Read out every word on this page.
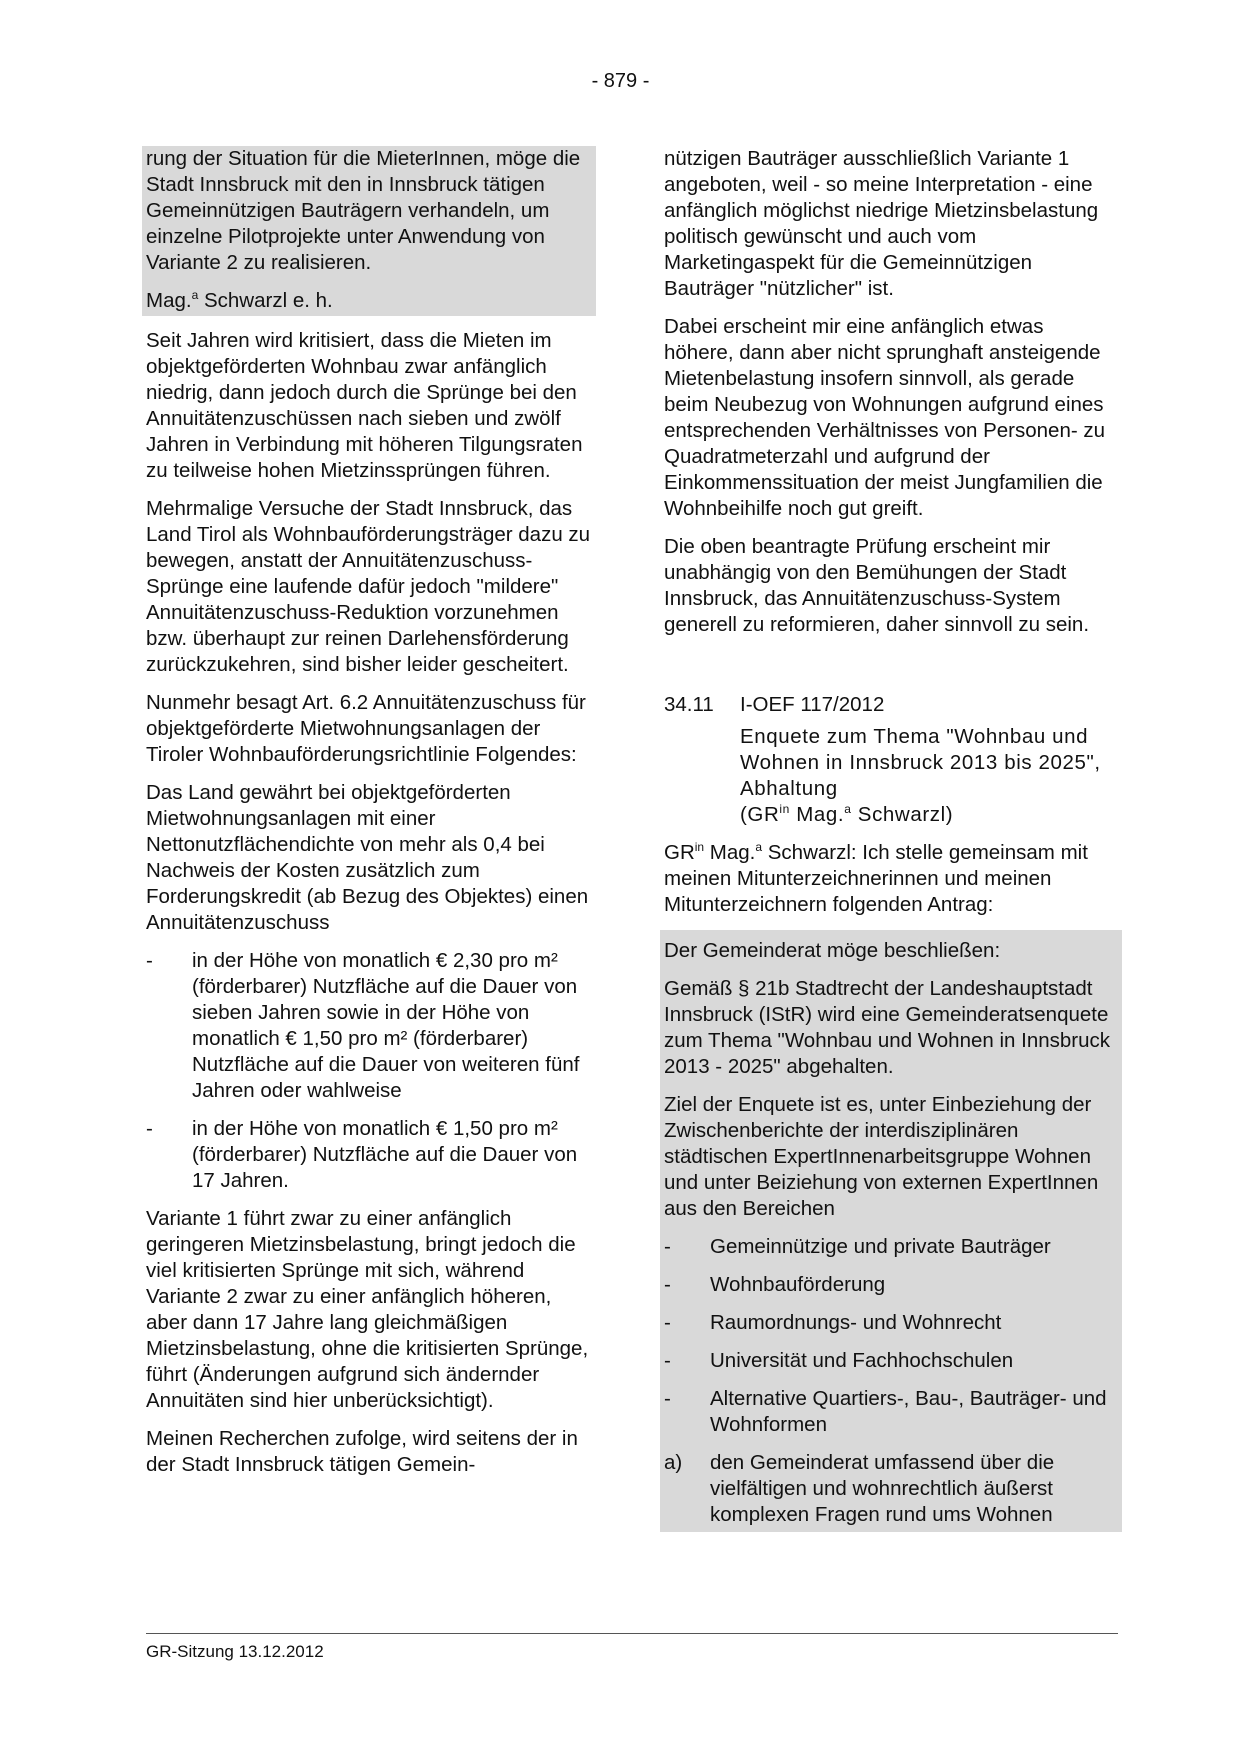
- 879 -

rung der Situation für die MieterInnen, möge die Stadt Innsbruck mit den in Innsbruck tätigen Gemeinnützigen Bauträgern verhandeln, um einzelne Pilotprojekte unter Anwendung von Variante 2 zu realisieren.

Mag.$^a$ Schwarzl e. h.

Seit Jahren wird kritisiert, dass die Mieten im objektgeförderten Wohnbau zwar anfänglich niedrig, dann jedoch durch die Sprünge bei den Annuitätenzuschüssen nach sieben und zwölf Jahren in Verbindung mit höheren Tilgungsraten zu teilweise hohen Mietzinssprüngen führen.

Mehrmalige Versuche der Stadt Innsbruck, das Land Tirol als Wohnbauförderungsträger dazu zu bewegen, anstatt der Annuitätenzuschuss-Sprünge eine laufende dafür jedoch "mildere" Annuitätenzuschuss-Reduktion vorzunehmen bzw. überhaupt zur reinen Darlehensförderung zurückzukehren, sind bisher leider gescheitert.

Nunmehr besagt Art. 6.2 Annuitätenzuschuss für objektgeförderte Mietwohnungsanlagen der Tiroler Wohnbauförderungsrichtlinie Folgendes:

Das Land gewährt bei objektgeförderten Mietwohnungsanlagen mit einer Nettonutzflächendichte von mehr als 0,4 bei Nachweis der Kosten zusätzlich zum Forderungskredit (ab Bezug des Objektes) einen Annuitätenzuschuss

-	in der Höhe von monatlich € 2,30 pro m² (förderbarer) Nutzfläche auf die Dauer von sieben Jahren sowie in der Höhe von monatlich € 1,50 pro m² (förderbarer) Nutzfläche auf die Dauer von weiteren fünf Jahren oder wahlweise
-	in der Höhe von monatlich € 1,50 pro m² (förderbarer) Nutzfläche auf die Dauer von 17 Jahren.

Variante 1 führt zwar zu einer anfänglich geringeren Mietzinsbelastung, bringt jedoch die viel kritisierten Sprünge mit sich, während Variante 2 zwar zu einer anfänglich höheren, aber dann 17 Jahre lang gleichmäßigen Mietzinsbelastung, ohne die kritisierten Sprünge, führt (Änderungen aufgrund sich ändernder Annuitäten sind hier unberücksichtigt).

Meinen Recherchen zufolge, wird seitens der in der Stadt Innsbruck tätigen Gemein-

nützigen Bauträger ausschließlich Variante 1 angeboten, weil - so meine Interpretation - eine anfänglich möglichst niedrige Mietzinsbelastung politisch gewünscht und auch vom Marketingaspekt für die Gemeinnützigen Bauträger "nützlicher" ist.

Dabei erscheint mir eine anfänglich etwas höhere, dann aber nicht sprunghaft ansteigende Mietenbelastung insofern sinnvoll, als gerade beim Neubezug von Wohnungen aufgrund eines entsprechenden Verhältnisses von Personen- zu Quadratmeterzahl und aufgrund der Einkommenssituation der meist Jungfamilien die Wohnbeihilfe noch gut greift.

Die oben beantragte Prüfung erscheint mir unabhängig von den Bemühungen der Stadt Innsbruck, das Annuitätenzuschuss-System generell zu reformieren, daher sinnvoll zu sein.

34.11	I-OEF 117/2012
Enquete zum Thema "Wohnbau und Wohnen in Innsbruck 2013 bis 2025", Abhaltung
($GR^{in}$ Mag.$^a$ Schwarzl)

$GR^{in}$ Mag.$^a$ Schwarzl: Ich stelle gemeinsam mit meinen Mitunterzeichnerinnen und meinen Mitunterzeichnern folgenden Antrag:

Der Gemeinderat möge beschließen:

Gemäß § 21b Stadtrecht der Landeshauptstadt Innsbruck (IStR) wird eine Gemeinderatsenquete zum Thema "Wohnbau und Wohnen in Innsbruck 2013 - 2025" abgehalten.

Ziel der Enquete ist es, unter Einbeziehung der Zwischenberichte der interdisziplinären städtischen ExpertInnenarbeitsgruppe Wohnen und unter Beiziehung von externen ExpertInnen aus den Bereichen

-	Gemeinnützige und private Bauträger
-	Wohnbauförderung
-	Raumordnungs- und Wohnrecht
-	Universität und Fachhochschulen
-	Alternative Quartiers-, Bau-, Bauträger- und Wohnformen
a)	den Gemeinderat umfassend über die vielfältigen und wohnrechtlich äußerst komplexen Fragen rund ums Wohnen
GR-Sitzung 13.12.2012
